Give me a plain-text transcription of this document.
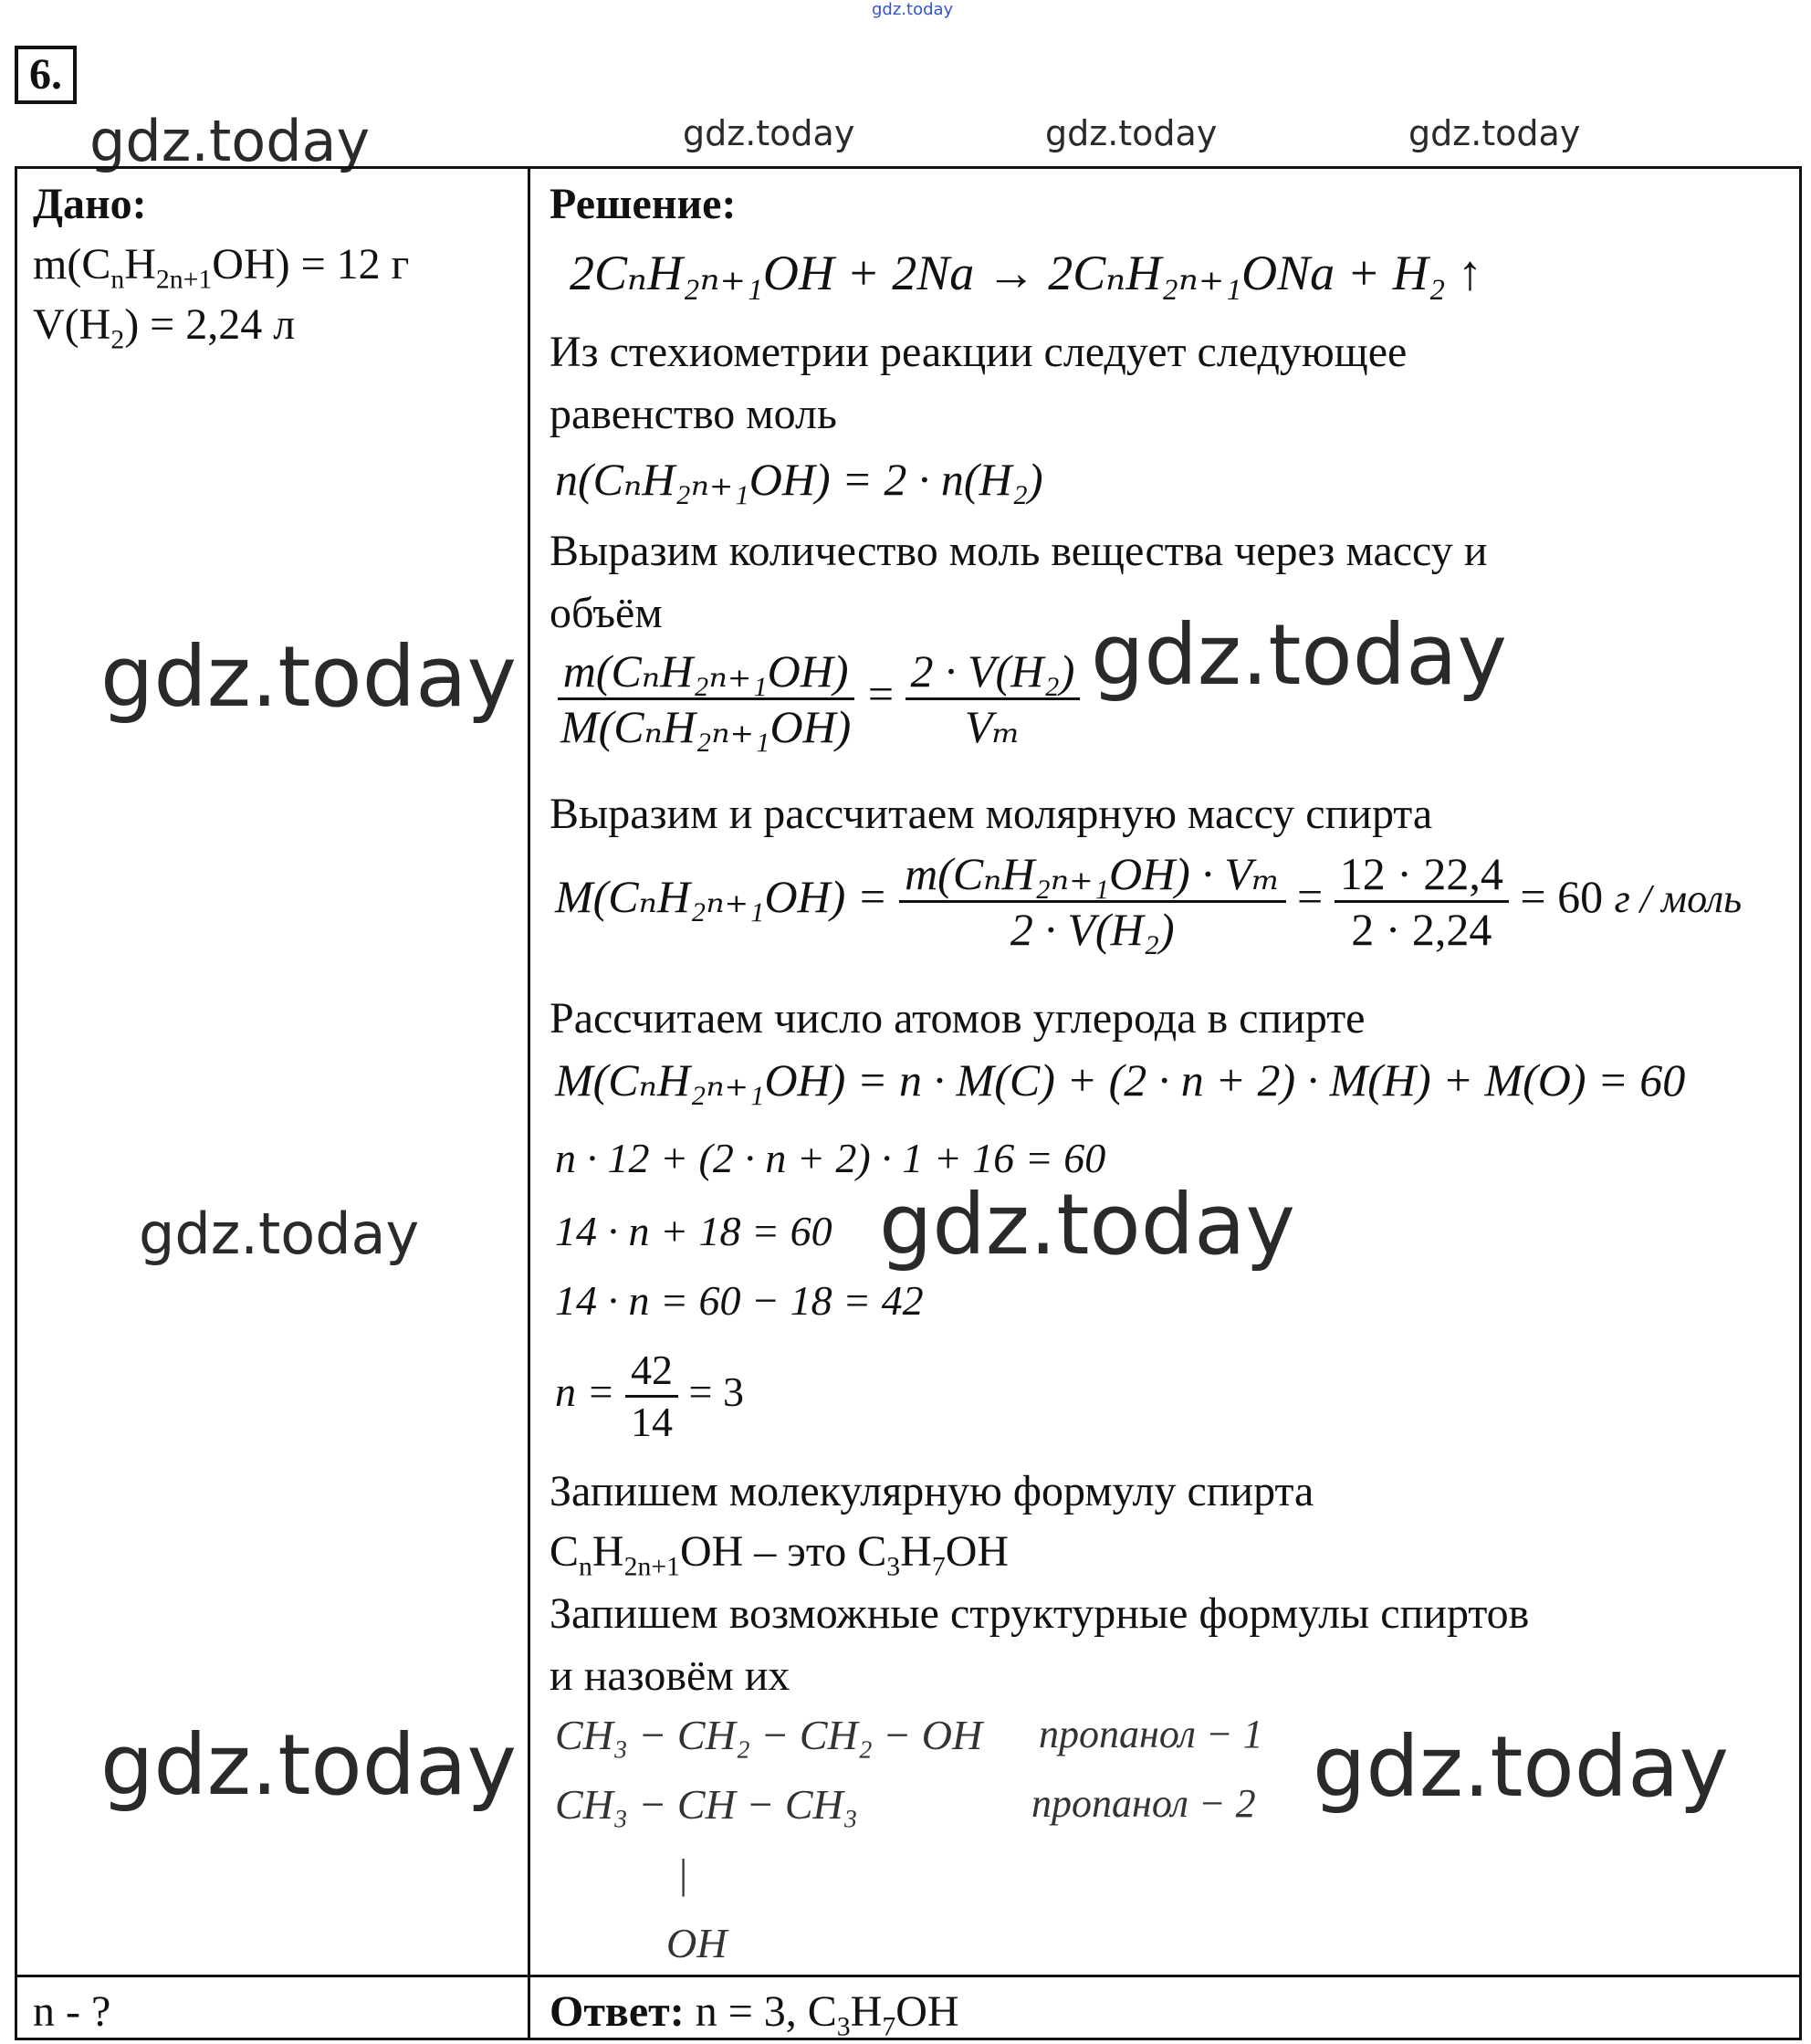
gdz.today
gdz.today	gdz.today	gdz.today	gdz.today
6.
Дано:
$m(C_nH_{2n+1}OH) = 12$ г
$V(H_2) = 2,24$ л
n - ?
gdz.today
gdz.today
gdz.today
Решение:
2CₙH₂ₙ₊₁OH + 2Na → 2CₙH₂ₙ₊₁ONa + H₂ ↑
Из стехиометрии реакции следует следующее
равенство моль
n(CₙH₂ₙ₊₁OH) = 2 · n(H₂)
Выразим количество моль вещества через массу и
объём
$\frac{\text{m(CₙH₂ₙ₊₁OH)}}{\text{M(CₙH₂ₙ₊₁OH)}} = \frac{\text{2 · V(H₂)}}{\text{Vₘ}}$ gdz.today
Выразим и рассчитаем молярную массу спирта
$M(C_nH_{2n+1}OH) = \frac{\text{m(CₙH₂ₙ₊₁OH) · Vₘ}}{\text{2 · V(H₂)}} = \frac{12 \cdot 22,4}{2 \cdot 2,24} = 60$ г / моль
Рассчитаем число атомов углерода в спирте
M(CₙH₂ₙ₊₁OH) = n · M(C) + (2 · n + 2) · M(H) + M(O) = 60
n · 12 + (2 · n + 2) · 1 + 16 = 60
14 · n + 18 = 60 gdz.today
14 · n = 60 − 18 = 42
$n = \frac{42}{14} = 3$
Запишем молекулярную формулу спирта
$C_nH_{2n+1}OH$ – это $C_3H_7OH$
Запишем возможные структурные формулы спиртов
и назовём их
CH₃ − CH₂ − CH₂ − OH пропанол − 1
CH₃ − CH − CH₃	пропанол − 2
|
OH
gdz.today
Ответ: n = 3, $C_3H_7OH$
